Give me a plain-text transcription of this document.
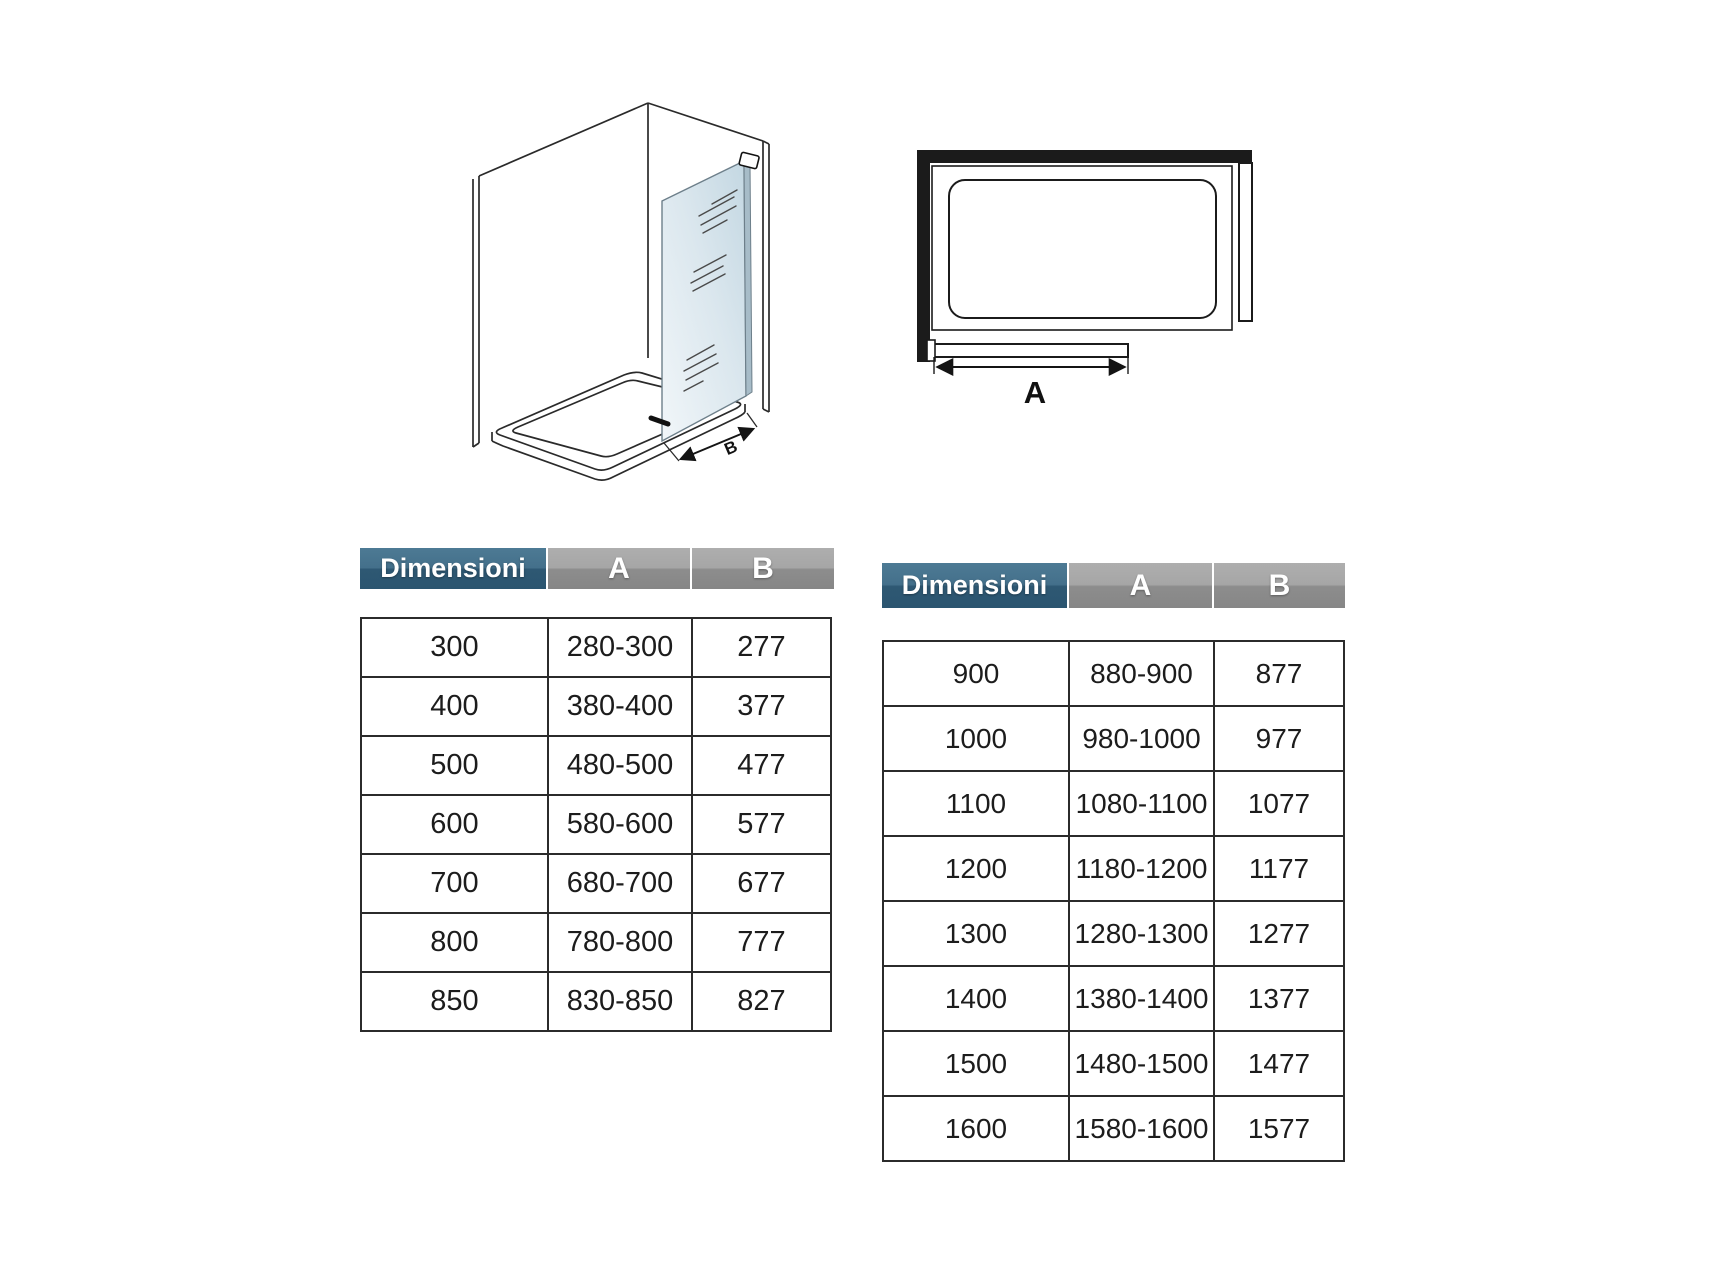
B
A
Dimensioni	A	B
300	280-300	277
400	380-400	377
500	480-500	477
600	580-600	577
700	680-700	677
800	780-800	777
850	830-850	827
Dimensioni	A	B
900	880-900	877
1000	980-1000	977
1100	1080-1100	1077
1200	1180-1200	1177
1300	1280-1300	1277
1400	1380-1400	1377
1500	1480-1500	1477
1600	1580-1600	1577
